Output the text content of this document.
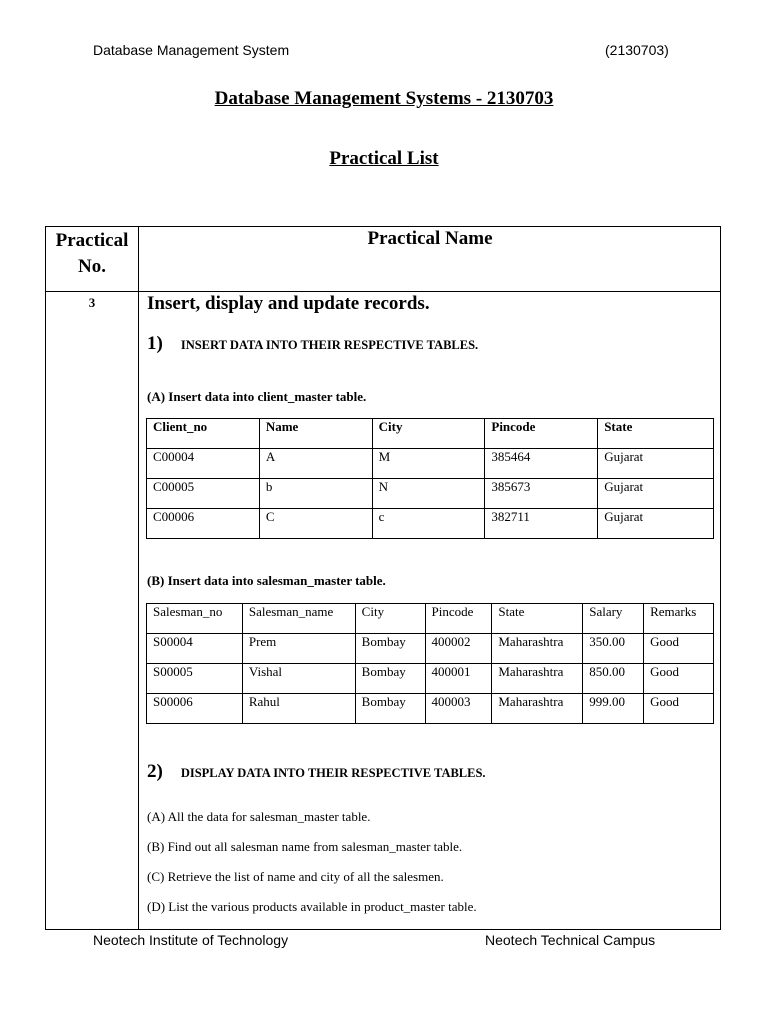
Database Management System	(2130703)
Database Management Systems - 2130703
Practical List
Practical
No.
Practical Name
3	Insert, display and update records.
1) INSERT DATA INTO THEIR RESPECTIVE TABLES.
(A) Insert data into client_master table.
Client_no	Name	City	Pincode	State
C00004	A	M	385464	Gujarat
C00005	b	N	385673	Gujarat
C00006	C	c	382711	Gujarat
(B) Insert data into salesman_master table.
Salesman_no	Salesman_name	City	Pincode	State	Salary	Remarks
S00004	Prem	Bombay	400002	Maharashtra	350.00	Good
S00005	Vishal	Bombay	400001	Maharashtra	850.00	Good
S00006	Rahul	Bombay	400003	Maharashtra	999.00	Good
2) DISPLAY DATA INTO THEIR RESPECTIVE TABLES.
(A) All the data for salesman_master table.
(B) Find out all salesman name from salesman_master table.
(C) Retrieve the list of name and city of all the salesmen.
(D) List the various products available in product_master table.
Neotech Institute of Technology	Neotech Technical Campus
